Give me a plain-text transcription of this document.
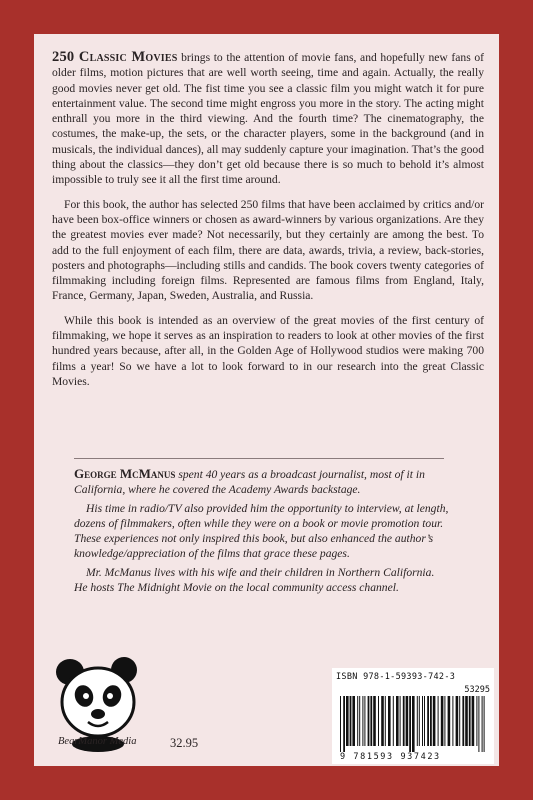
250 Classic Movies brings to the attention of movie fans, and hopefully new fans of older films, motion pictures that are well worth seeing, time and again. Actually, the really good movies never get old. The fist time you see a classic film you might watch it for pure entertainment value. The second time might engross you more in the story. The acting might enthrall you more in the third viewing. And the fourth time? The cinematography, the costumes, the make-up, the sets, or the character players, some in the background (and in musicals, the individual dances), all may suddenly capture your imagination. That’s the good thing about the classics—they don’t get old because there is so much to behold it’s almost impossible to truly see it all the first time around.

For this book, the author has selected 250 films that have been acclaimed by critics and/or have been box-office winners or chosen as award-winners by various organizations. Are they the greatest movies ever made? Not necessarily, but they certainly are among the best. To add to the full enjoyment of each film, there are data, awards, trivia, a review, back-stories, posters and photographs—including stills and candids. The book covers twenty categories of filmmaking including foreign films. Represented are famous films from England, Italy, France, Germany, Japan, Sweden, Australia, and Russia.

While this book is intended as an overview of the great movies of the first century of filmmaking, we hope it serves as an inspiration to readers to look at other movies of the first hundred years because, after all, in the Golden Age of Hollywood studios were making 700 films a year! So we have a lot to look forward to in our research into the great Classic Movies.

George McManus spent 40 years as a broadcast journalist, most of it in California, where he covered the Academy Awards backstage.

His time in radio/TV also provided him the opportunity to interview, at length, dozens of filmmakers, often while they were on a book or movie promotion tour. These experiences not only inspired this book, but also enhanced the author’s knowledge/appreciation of the films that grace these pages.

Mr. McManus lives with his wife and their children in Northern California. He hosts The Midnight Movie on the local community access channel.

BearManor Media	32.95
ISBN 978-1-59393-742-3
53295
9 781593 937423
